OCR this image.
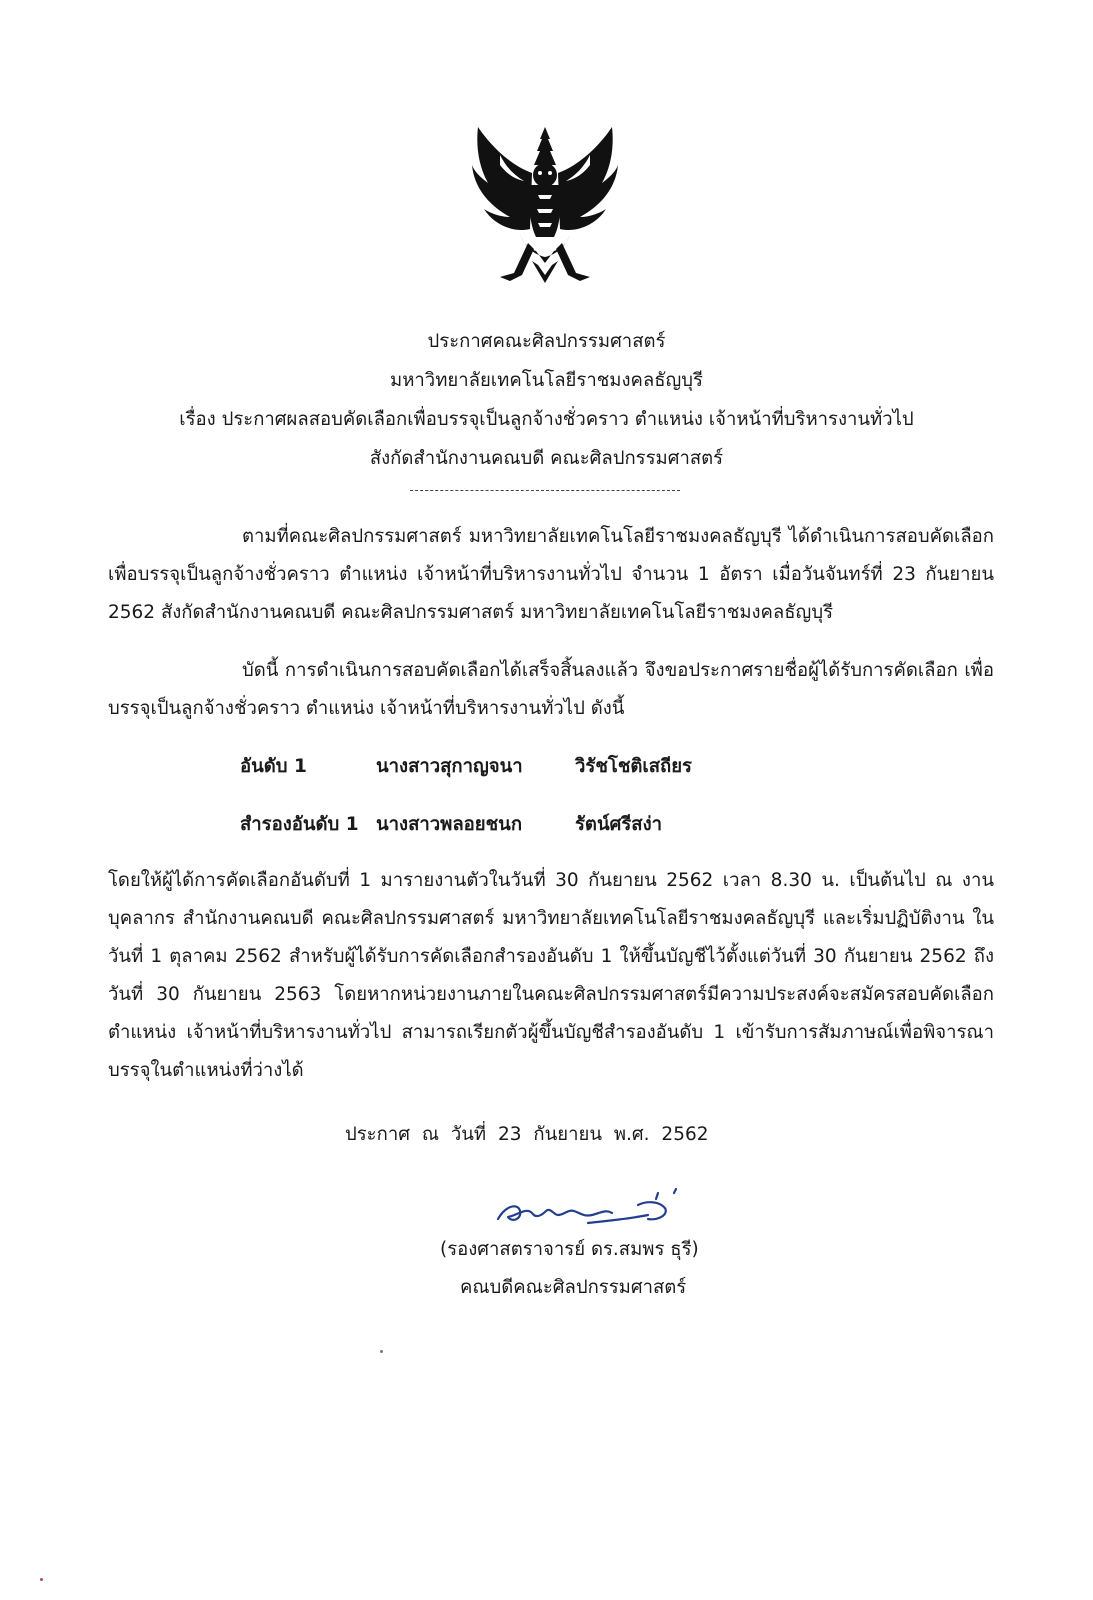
ประกาศคณะศิลปกรรมศาสตร์
มหาวิทยาลัยเทคโนโลยีราชมงคลธัญบุรี
เรื่อง ประกาศผลสอบคัดเลือกเพื่อบรรจุเป็นลูกจ้างชั่วคราว ตำแหน่ง เจ้าหน้าที่บริหารงานทั่วไป
สังกัดสำนักงานคณบดี คณะศิลปกรรมศาสตร์
ตามที่คณะศิลปกรรมศาสตร์ มหาวิทยาลัยเทคโนโลยีราชมงคลธัญบุรี ได้ดำเนินการสอบคัดเลือก เพื่อบรรจุเป็นลูกจ้างชั่วคราว ตำแหน่ง เจ้าหน้าที่บริหารงานทั่วไป จำนวน 1 อัตรา เมื่อวันจันทร์ที่ 23 กันยายน 2562 สังกัดสำนักงานคณบดี คณะศิลปกรรมศาสตร์ มหาวิทยาลัยเทคโนโลยีราชมงคลธัญบุรี
บัดนี้ การดำเนินการสอบคัดเลือกได้เสร็จสิ้นลงแล้ว จึงขอประกาศรายชื่อผู้ได้รับการคัดเลือก เพื่อบรรจุเป็นลูกจ้างชั่วคราว ตำแหน่ง เจ้าหน้าที่บริหารงานทั่วไป ดังนี้
อันดับ 1	นางสาวสุกาญจนา	วิรัชโชติเสถียร
สำรองอันดับ 1 นางสาวพลอยชนก	รัตน์ศรีสง่า
โดยให้ผู้ได้การคัดเลือกอันดับที่ 1 มารายงานตัวในวันที่ 30 กันยายน 2562 เวลา 8.30 น. เป็นต้นไป ณ งานบุคลากร สำนักงานคณบดี คณะศิลปกรรมศาสตร์ มหาวิทยาลัยเทคโนโลยีราชมงคลธัญบุรี และเริ่มปฏิบัติงาน ในวันที่ 1 ตุลาคม 2562 สำหรับผู้ได้รับการคัดเลือกสำรองอันดับ 1 ให้ขึ้นบัญชีไว้ตั้งแต่วันที่ 30 กันยายน 2562 ถึงวันที่ 30 กันยายน 2563 โดยหากหน่วยงานภายในคณะศิลปกรรมศาสตร์มีความประสงค์จะสมัครสอบคัดเลือก ตำแหน่ง เจ้าหน้าที่บริหารงานทั่วไป สามารถเรียกตัวผู้ขึ้นบัญชีสำรองอันดับ 1 เข้ารับการสัมภาษณ์เพื่อพิจารณา บรรจุในตำแหน่งที่ว่างได้
ประกาศ ณ วันที่ 23 กันยายน พ.ศ. 2562
(รองศาสตราจารย์ ดร.สมพร ธุรี)
คณบดีคณะศิลปกรรมศาสตร์
